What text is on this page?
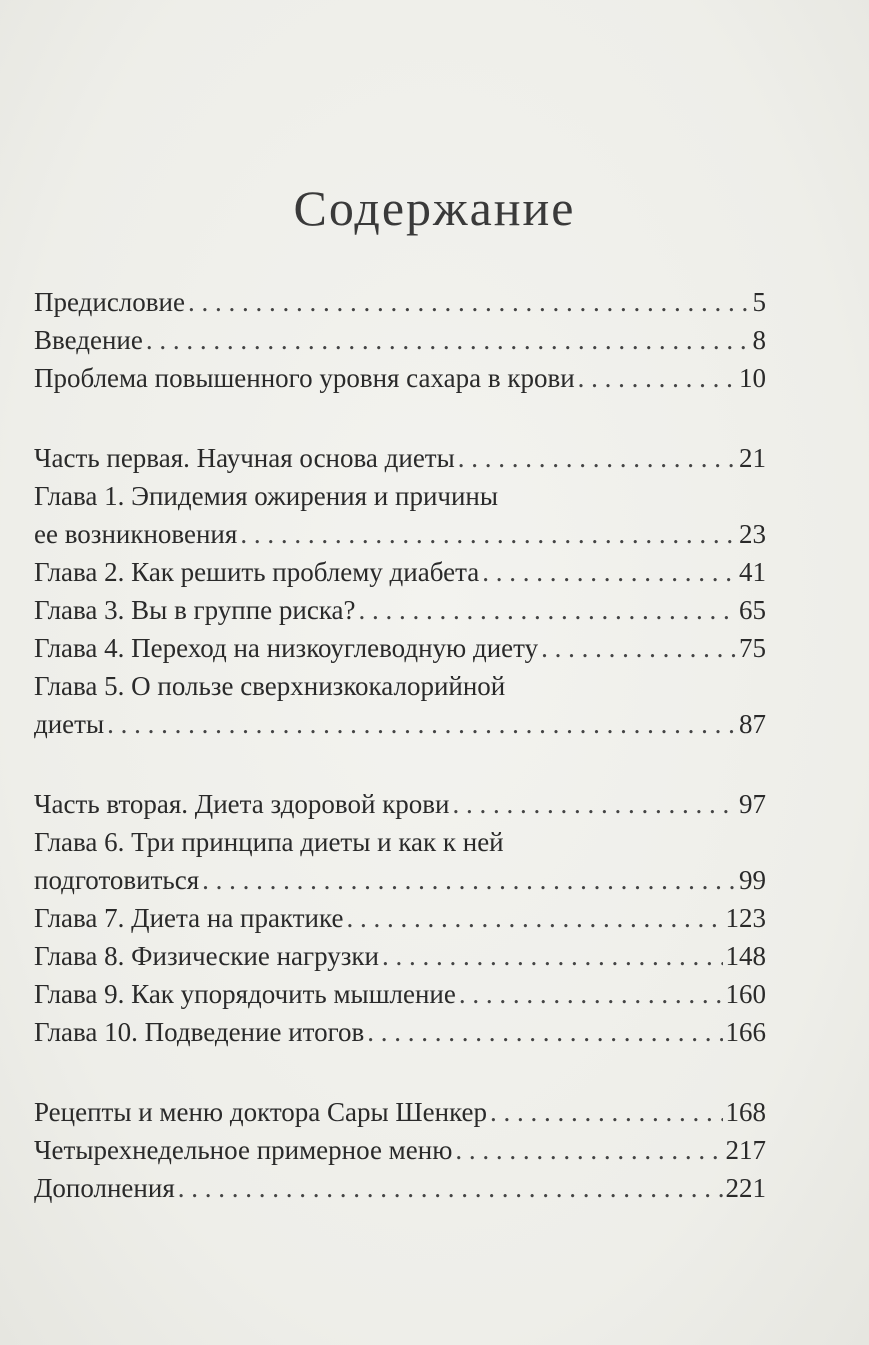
Содержание
Предисловие . . .	5
Введение . . .	8
Проблема повышенного уровня сахара в крови . . .	10
Часть первая. Научная основа диеты . . .	21
Глава 1. Эпидемия ожирения и причины
ее возникновения . . .	23
Глава 2. Как решить проблему диабета . . .	41
Глава 3. Вы в группе риска? . . .	65
Глава 4. Переход на низкоуглеводную диету . . .	75
Глава 5. О пользе сверхнизкокалорийной
диеты . . .	87
Часть вторая. Диета здоровой крови . . .	97
Глава 6. Три принципа диеты и как к ней
подготовиться . . .	99
Глава 7. Диета на практике . . .	123
Глава 8. Физические нагрузки . . .	148
Глава 9. Как упорядочить мышление . . .	160
Глава 10. Подведение итогов . . .	166
Рецепты и меню доктора Сары Шенкер . . .	168
Четырехнедельное примерное меню . . .	217
Дополнения . . .	221
